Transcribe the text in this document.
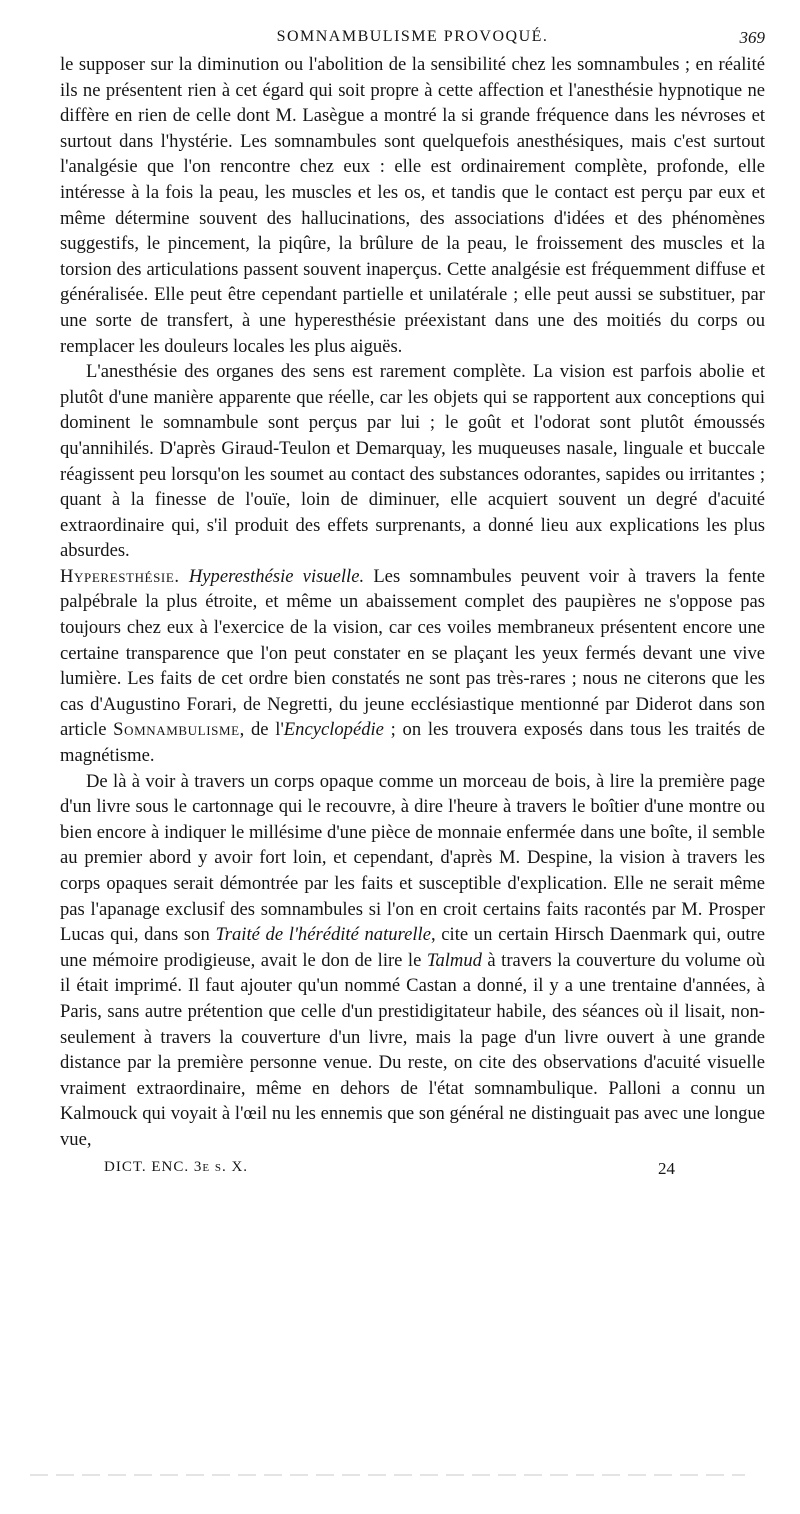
SOMNAMBULISME PROVOQUÉ.	369

le supposer sur la diminution ou l'abolition de la sensibilité chez les somnambules ; en réalité ils ne présentent rien à cet égard qui soit propre à cette affection et l'anesthésie hypnotique ne diffère en rien de celle dont M. Lasègue a montré la si grande fréquence dans les névroses et surtout dans l'hystérie. Les somnambules sont quelquefois anesthésiques, mais c'est surtout l'analgésie que l'on rencontre chez eux : elle est ordinairement complète, profonde, elle intéresse à la fois la peau, les muscles et les os, et tandis que le contact est perçu par eux et même détermine souvent des hallucinations, des associations d'idées et des phénomènes suggestifs, le pincement, la piqûre, la brûlure de la peau, le froissement des muscles et la torsion des articulations passent souvent inaperçus. Cette analgésie est fréquemment diffuse et généralisée. Elle peut être cependant partielle et unilatérale ; elle peut aussi se substituer, par une sorte de transfert, à une hyperesthésie préexistant dans une des moitiés du corps ou remplacer les douleurs locales les plus aiguës.

L'anesthésie des organes des sens est rarement complète. La vision est parfois abolie et plutôt d'une manière apparente que réelle, car les objets qui se rapportent aux conceptions qui dominent le somnambule sont perçus par lui ; le goût et l'odorat sont plutôt émoussés qu'annihilés. D'après Giraud-Teulon et Demarquay, les muqueuses nasale, linguale et buccale réagissent peu lorsqu'on les soumet au contact des substances odorantes, sapides ou irritantes ; quant à la finesse de l'ouïe, loin de diminuer, elle acquiert souvent un degré d'acuité extraordinaire qui, s'il produit des effets surprenants, a donné lieu aux explications les plus absurdes.

Hyperesthésie. Hyperesthésie visuelle. Les somnambules peuvent voir à travers la fente palpébrale la plus étroite, et même un abaissement complet des paupières ne s'oppose pas toujours chez eux à l'exercice de la vision, car ces voiles membraneux présentent encore une certaine transparence que l'on peut constater en se plaçant les yeux fermés devant une vive lumière. Les faits de cet ordre bien constatés ne sont pas très-rares ; nous ne citerons que les cas d'Augustino Forari, de Negretti, du jeune ecclésiastique mentionné par Diderot dans son article Somnambulisme, de l'Encyclopédie ; on les trouvera exposés dans tous les traités de magnétisme.

De là à voir à travers un corps opaque comme un morceau de bois, à lire la première page d'un livre sous le cartonnage qui le recouvre, à dire l'heure à travers le boîtier d'une montre ou bien encore à indiquer le millésime d'une pièce de monnaie enfermée dans une boîte, il semble au premier abord y avoir fort loin, et cependant, d'après M. Despine, la vision à travers les corps opaques serait démontrée par les faits et susceptible d'explication. Elle ne serait même pas l'apanage exclusif des somnambules si l'on en croit certains faits racontés par M. Prosper Lucas qui, dans son Traité de l'hérédité naturelle, cite un certain Hirsch Daenmark qui, outre une mémoire prodigieuse, avait le don de lire le Talmud à travers la couverture du volume où il était imprimé. Il faut ajouter qu'un nommé Castan a donné, il y a une trentaine d'années, à Paris, sans autre prétention que celle d'un prestidigitateur habile, des séances où il lisait, non-seulement à travers la couverture d'un livre, mais la page d'un livre ouvert à une grande distance par la première personne venue. Du reste, on cite des observations d'acuité visuelle vraiment extraordinaire, même en dehors de l'état somnambulique. Palloni a connu un Kalmouck qui voyait à l'œil nu les ennemis que son général ne distinguait pas avec une longue vue,

DICT. ENC. 3e s. X.	24
